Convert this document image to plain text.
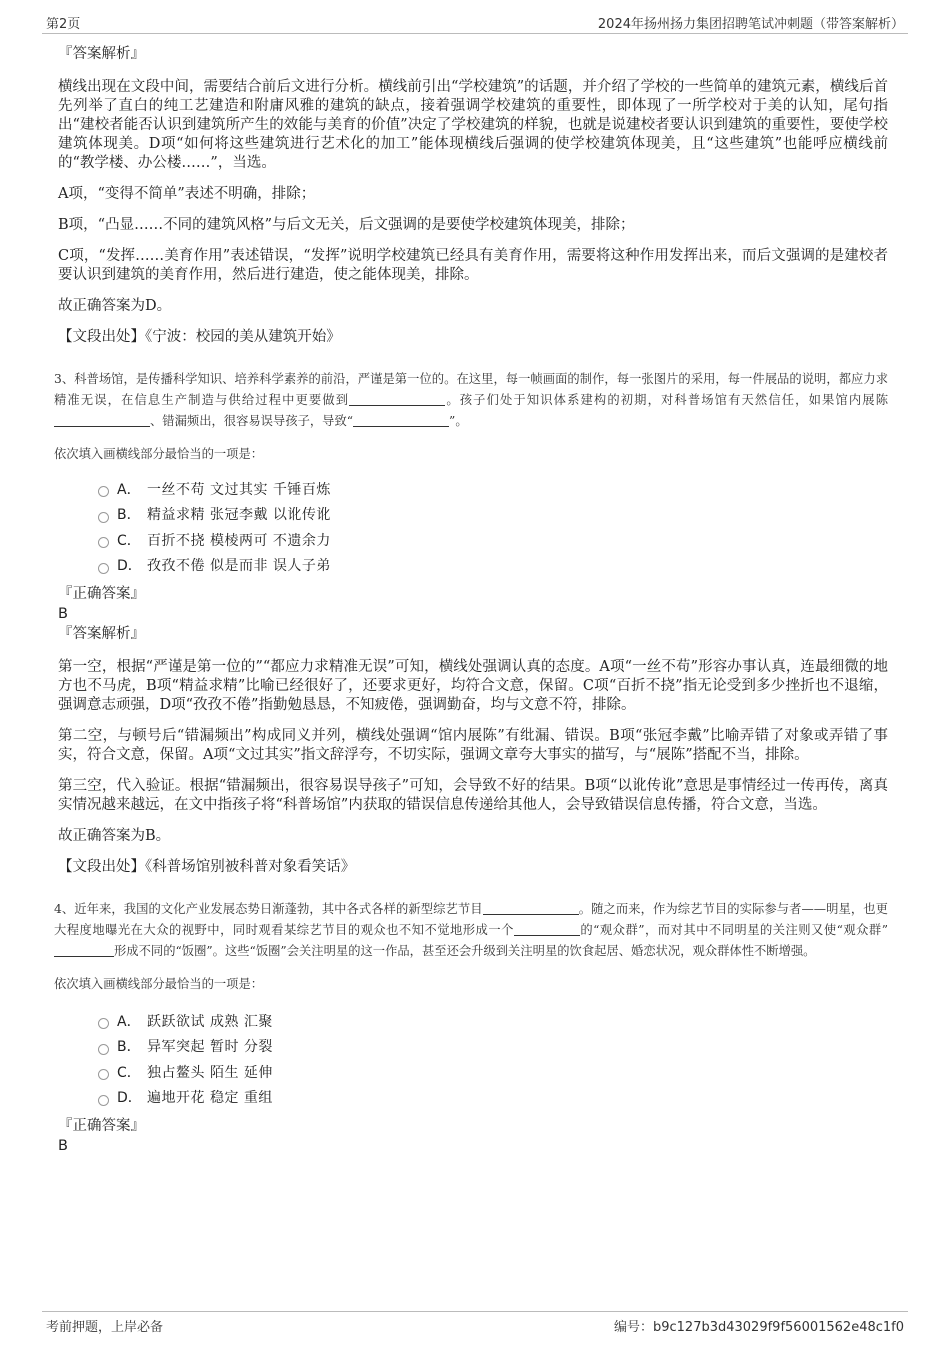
第2页	2024年扬州扬力集团招聘笔试冲刺题（带答案解析）
『答案解析』
横线出现在文段中间，需要结合前后文进行分析。横线前引出“学校建筑”的话题，并介绍了学校的一些简单的建筑元素，横线后首先列举了直白的纯工艺建造和附庸风雅的建筑的缺点，接着强调学校建筑的重要性，即体现了一所学校对于美的认知，尾句指出“建校者能否认识到建筑所产生的效能与美育的价值”决定了学校建筑的样貌，也就是说建校者要认识到建筑的重要性，要使学校建筑体现美。D项“如何将这些建筑进行艺术化的加工”能体现横线后强调的使学校建筑体现美，且“这些建筑”也能呼应横线前的“教学楼、办公楼……”，当选。
A项，“变得不简单”表述不明确，排除；
B项，“凸显……不同的建筑风格”与后文无关，后文强调的是要使学校建筑体现美，排除；
C项，“发挥……美育作用”表述错误，“发挥”说明学校建筑已经具有美育作用，需要将这种作用发挥出来，而后文强调的是建校者要认识到建筑的美育作用，然后进行建造，使之能体现美，排除。
故正确答案为D。
【文段出处】《宁波：校园的美从建筑开始》
3、科普场馆，是传播科学知识、培养科学素养的前沿，严谨是第一位的。在这里，每一帧画面的制作，每一张图片的采用，每一件展品的说明，都应力求精准无误，在信息生产制造与供给过程中更要做到	。孩子们处于知识体系建构的初期，对科普场馆有天然信任，如果馆内展陈、错漏频出，很容易误导孩子，导致“	”。
依次填入画横线部分最恰当的一项是：
A． 一丝不苟 文过其实 千锤百炼
B． 精益求精 张冠李戴 以讹传讹
C． 百折不挠 模棱两可 不遗余力
D． 孜孜不倦 似是而非 误人子弟
『正确答案』
B
『答案解析』
第一空，根据“严谨是第一位的”“都应力求精准无误”可知，横线处强调认真的态度。A项“一丝不苟”形容办事认真，连最细微的地方也不马虎，B项“精益求精”比喻已经很好了，还要求更好，均符合文意，保留。C项“百折不挠”指无论受到多少挫折也不退缩，强调意志顽强，D项“孜孜不倦”指勤勉恳恳，不知疲倦，强调勤奋，均与文意不符，排除。
第二空，与顿号后“错漏频出”构成同义并列，横线处强调“馆内展陈”有纰漏、错误。B项“张冠李戴”比喻弄错了对象或弄错了事实，符合文意，保留。A项“文过其实”指文辞浮夸，不切实际，强调文章夸大事实的描写，与“展陈”搭配不当，排除。
第三空，代入验证。根据“错漏频出，很容易误导孩子”可知，会导致不好的结果。B项“以讹传讹”意思是事情经过一传再传，离真实情况越来越远，在文中指孩子将“科普场馆”内获取的错误信息传递给其他人，会导致错误信息传播，符合文意，当选。
故正确答案为B。
【文段出处】《科普场馆别被科普对象看笑话》
4、近年来，我国的文化产业发展态势日渐蓬勃，其中各式各样的新型综艺节目	。随之而来，作为综艺节目的实际参与者——明星，也更大程度地曝光在大众的视野中，同时观看某综艺节目的观众也不知不觉地形成一个	的“观众群”，而对其中不同明星的关注则又使“观众群”形成不同的“饭圈”。这些“饭圈”会关注明星的这一作品，甚至还会升级到关注明星的饮食起居、婚恋状况，观众群体性不断增强。
依次填入画横线部分最恰当的一项是：
A． 跃跃欲试 成熟 汇聚
B． 异军突起 暂时 分裂
C． 独占鳌头 陌生 延伸
D． 遍地开花 稳定 重组
『正确答案』
B
考前押题，上岸必备	编号：b9c127b3d43029f9f56001562e48c1f0
